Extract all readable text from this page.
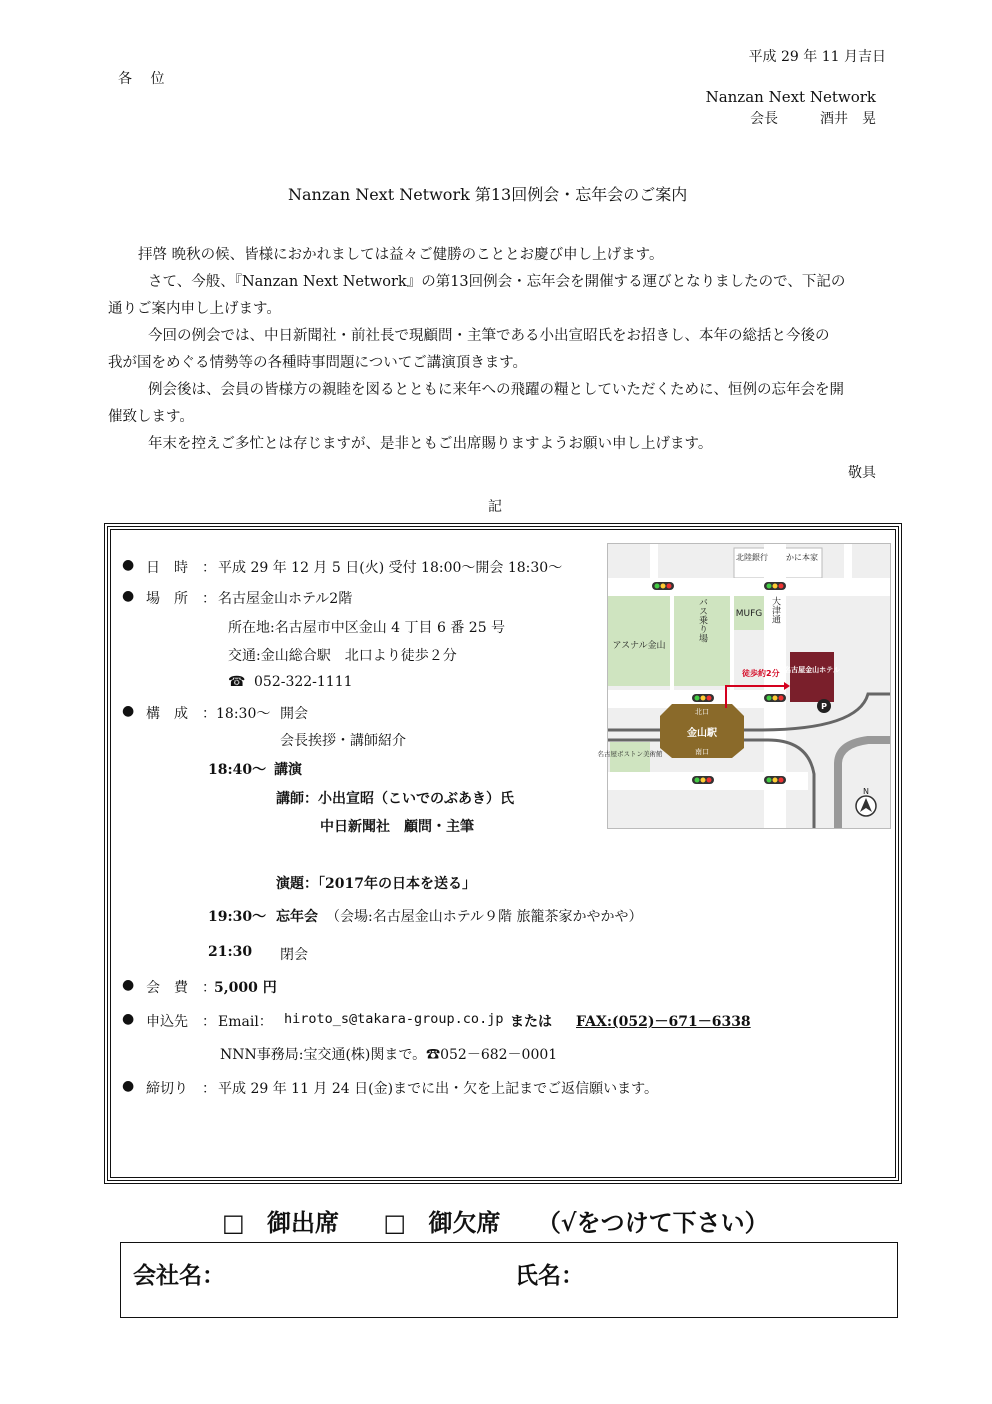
平成 29 年 11 月吉日
各　 位
Nanzan Next Network
会長　　　酒井　晃
Nanzan Next Network 第13回例会・忘年会のご案内
拝啓 晩秋の候、皆様におかれましては益々ご健勝のこととお慶び申し上げます。
さて、今般、『Nanzan Next Network』の第13回例会・忘年会を開催する運びとなりましたので、下記の
通りご案内申し上げます。
今回の例会では、中日新聞社・前社長で現顧問・主筆である小出宣昭氏をお招きし、本年の総括と今後の
我が国をめぐる情勢等の各種時事問題についてご講演頂きます。
例会後は、会員の皆様方の親睦を図るとともに来年への飛躍の糧としていただくために、恒例の忘年会を開
催致します。
年末を控えご多忙とは存じますが、是非ともご出席賜りますようお願い申し上げます。
敬具
記
● 日　時　： 平成 29 年 12 月 5 日(火) 受付 18:00～開会 18:30～
● 場　所　： 名古屋金山ホテル2階
所在地:名古屋市中区金山 4 丁目 6 番 25 号
交通:金山総合駅　北口より徒歩２分
☎ 052-322-1111
● 構　成　： 18:30～ 開会
会長挨拶・講師紹介
18:40～ 講演
講師：小出宣昭（こいでのぶあき）氏
中日新聞社　顧問・主筆
演題：「2017年の日本を送る」
19:30～ 忘年会 （会場:名古屋金山ホテル９階 旅籠茶家かやかや）
21:30 閉会
● 会　費　：
5,000 円
● 申込先　： Email： hiroto_s@takara-group.co.jp または FAX:(052)－671－6338
NNN事務局:宝交通(株)関まで。☎052－682－0001
● 締切り　： 平成 29 年 11 月 24 日(金)までに出・欠を上記までご返信願います。
北陸銀行 かに本家
MUFG
アスナル金山
バス乗り場	大津通
徒歩約2分 名古屋金山ホテル
P
北口
金山駅
南口
名古屋ボストン美術館
N
□ 御出席 □ 御欠席 （√をつけて下さい）
会社名：	氏名：
